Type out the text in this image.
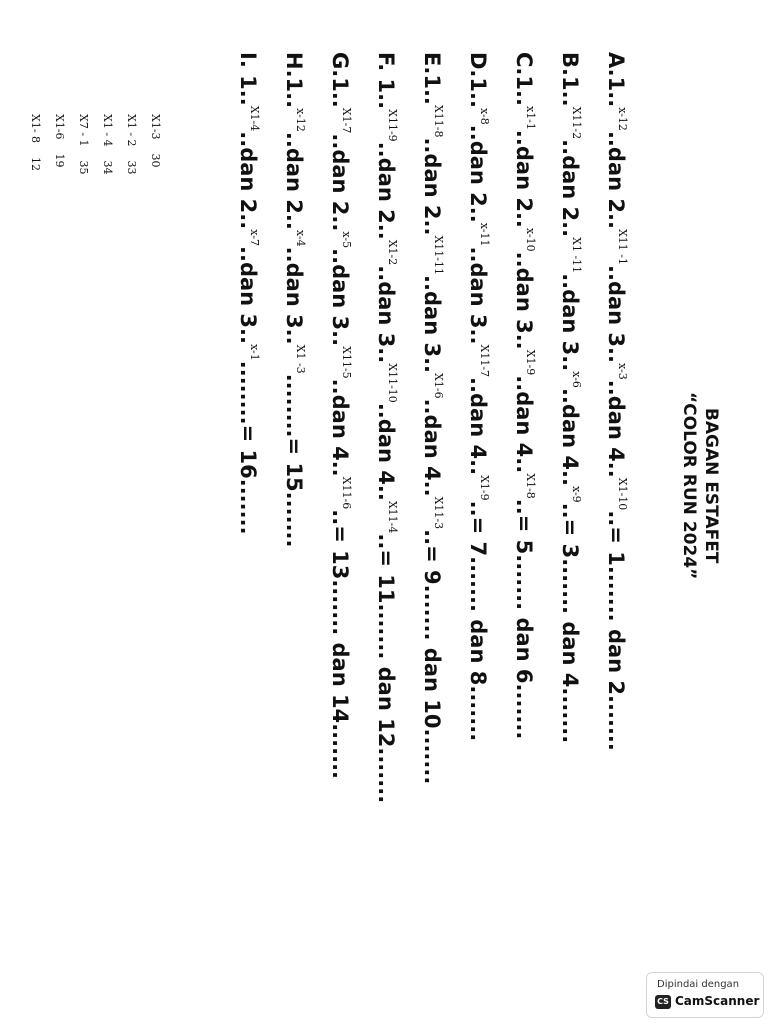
BAGAN ESTAFET
“COLOR RUN 2024”
A.1..$^{x-12}$..dan 2..$^{X11 -1}$..dan 3..$^{x-3}$..dan 4..$^{X1-10}$..= 1....... dan 2.......
B.1..$^{X11-2}$..dan 2..$^{X1 -11}$..dan 3..$^{x-6}$..dan 4..$^{x-9}$..= 3....... dan 4.......
C.1..$^{x1-1}$..dan 2..$^{x-10}$..dan 3..$^{X1-9}$..dan 4..$^{X1-8}$..= 5....... dan 6.......
D.1..$^{x-8}$..dan 2..$^{x-11}$..dan 3..$^{X11-7}$..dan 4..$^{X1-9}$..= 7....... dan 8.......
E.1..$^{X11-8}$..dan 2..$^{X11-11}$..dan 3..$^{X1-6}$..dan 4..$^{X11-3}$..= 9....... dan 10.......
F. 1..$^{X11-9}$..dan 2..$^{X1-2}$..dan 3..$^{X11-10}$..dan 4..$^{X11-4}$..= 11....... dan 12.......
G.1..$^{X1-7}$..dan 2..$^{x-5}$..dan 3..$^{X11-5}$..dan 4..$^{X11-6}$..= 13....... dan 14.......
H.1..$^{x-12}$..dan 2..$^{x-4}$..dan 3..$^{X1 -3}$........= 15.......
I. 1..$^{X1-4}$..dan 2..$^{x-7}$..dan 3..$^{x-1}$........= 16.......
X1-3
30
X1 - 2
33
X1 - 4
34
X7 - 1
35
X1-6
19
X1- 8
12
Dipindai dengan
CS CamScanner
